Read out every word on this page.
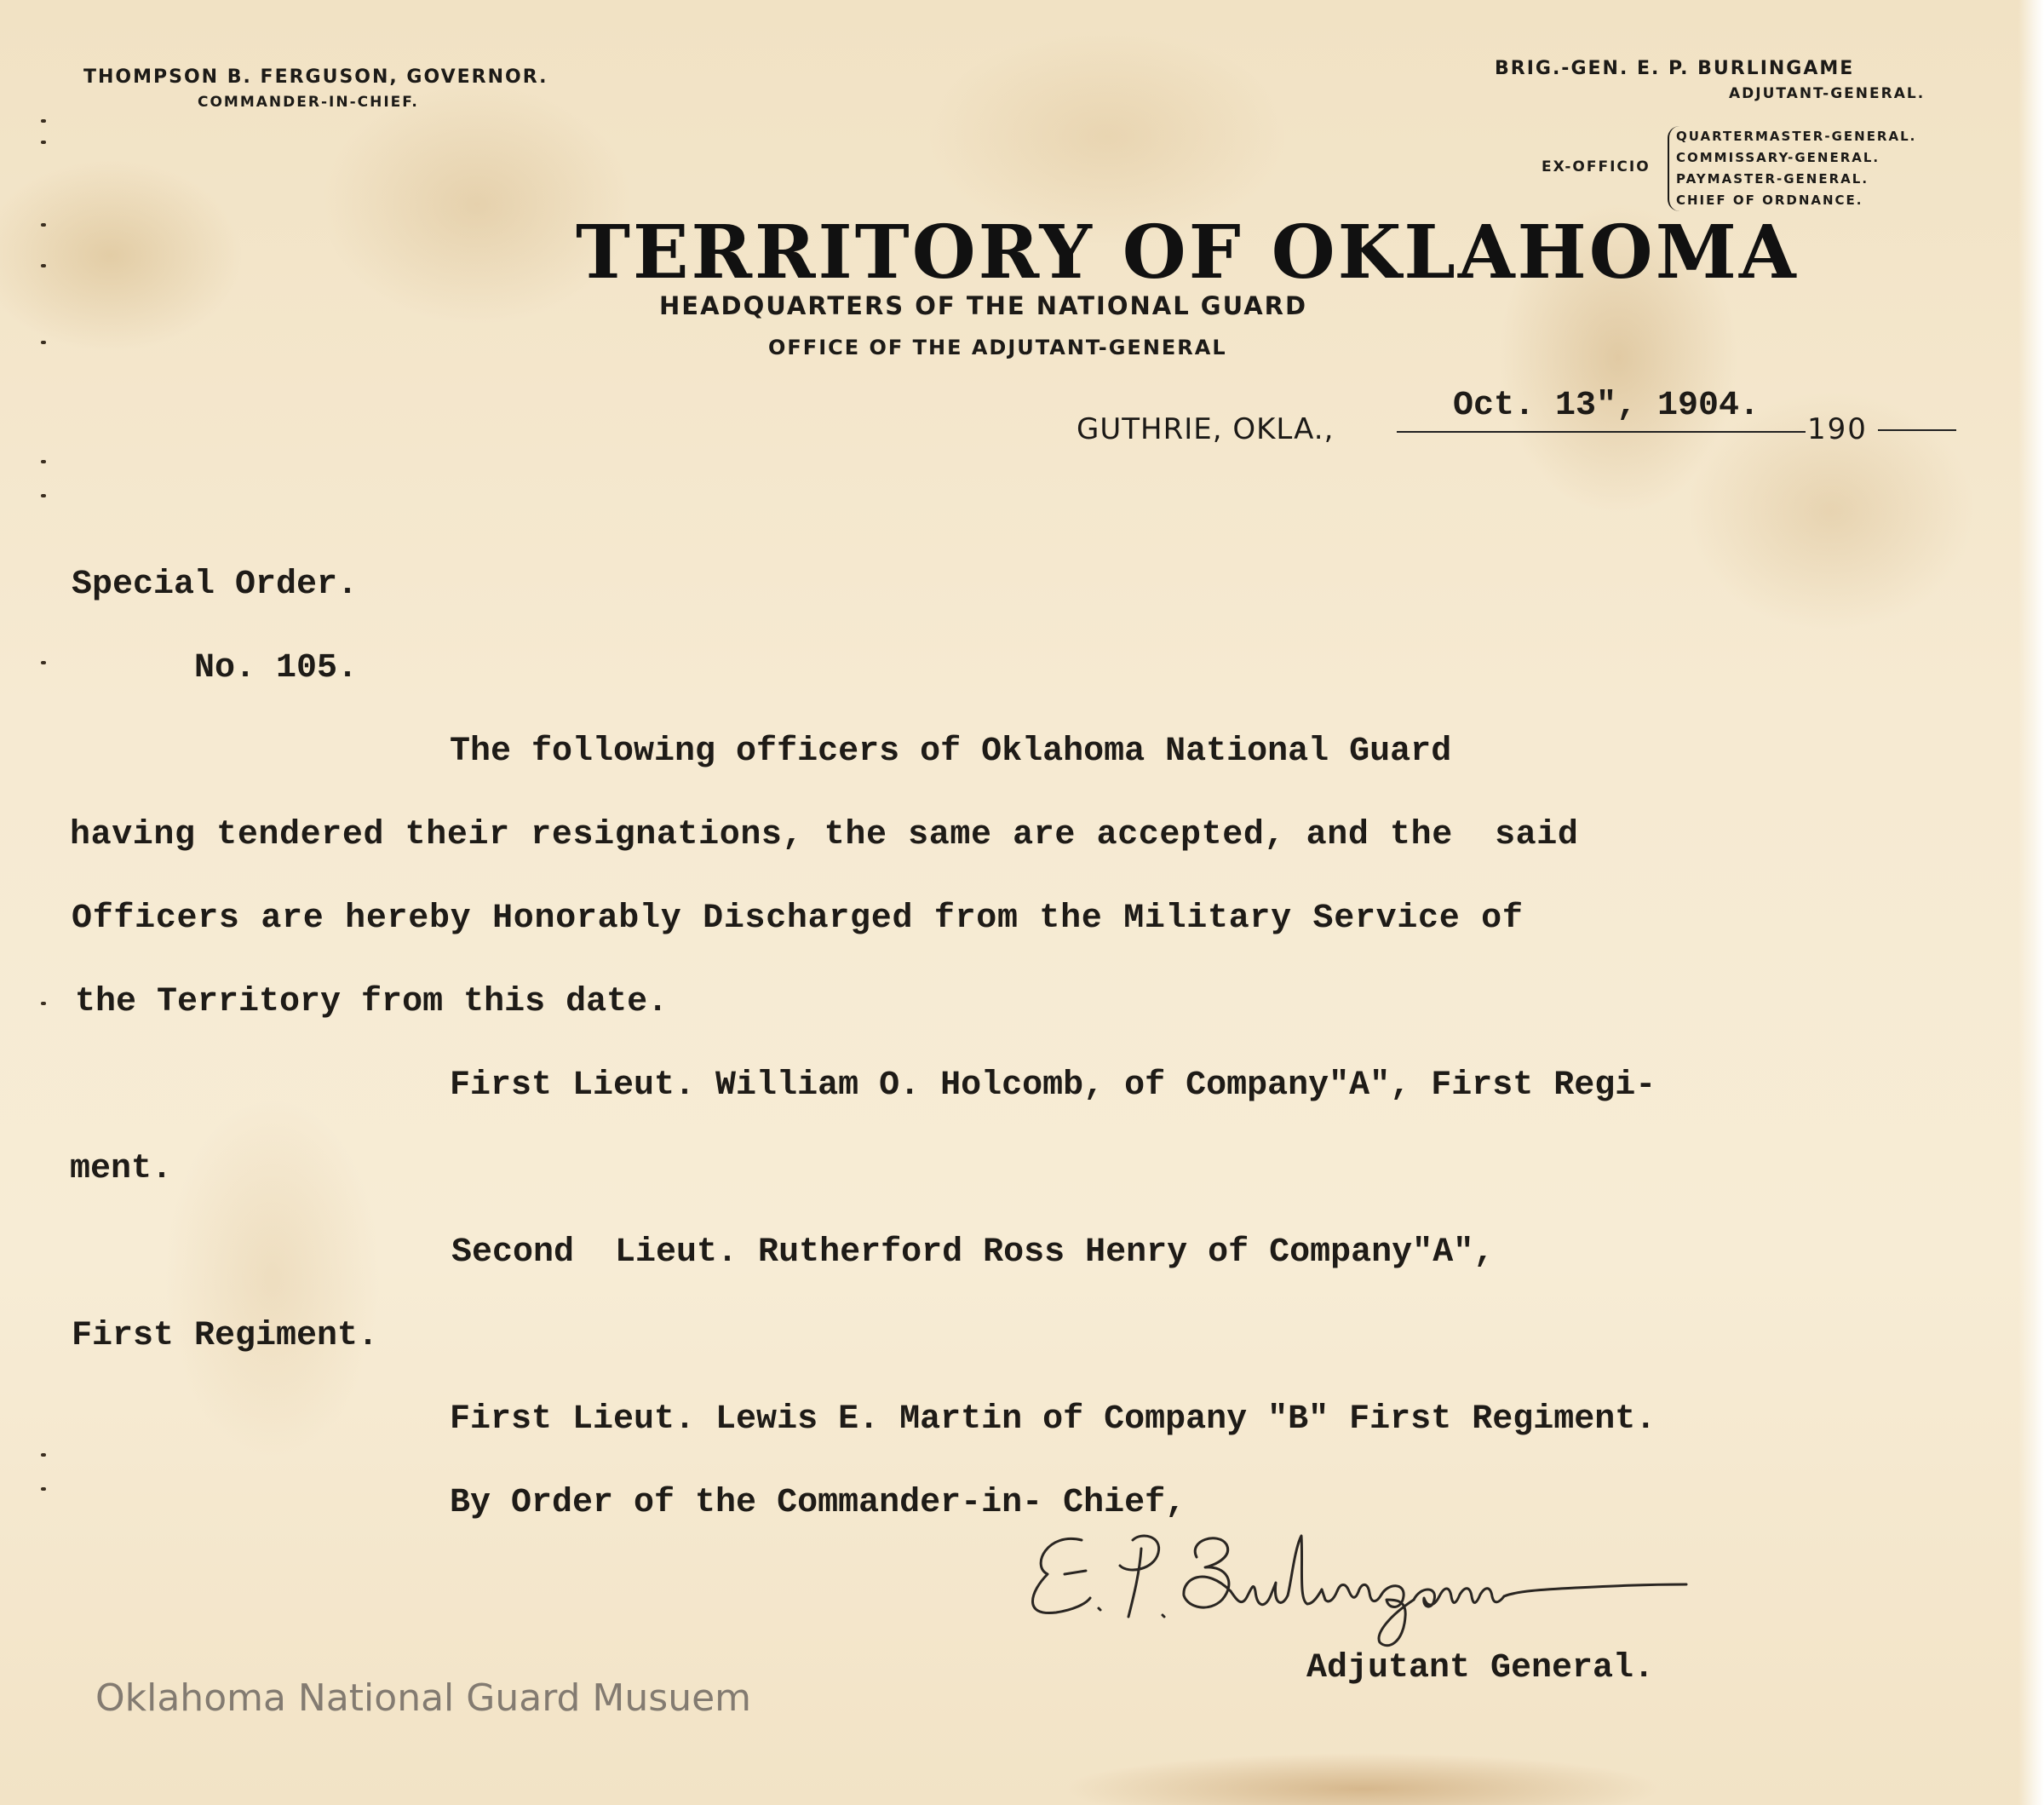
THOMPSON B. FERGUSON, GOVERNOR.
COMMANDER-IN-CHIEF.
BRIG.-GEN. E. P. BURLINGAME
ADJUTANT-GENERAL.
EX-OFFICIO
QUARTERMASTER-GENERAL.
COMMISSARY-GENERAL.
PAYMASTER-GENERAL.
CHIEF OF ORDNANCE.
TERRITORY OF OKLAHOMA
HEADQUARTERS OF THE NATIONAL GUARD
OFFICE OF THE ADJUTANT-GENERAL
GUTHRIE, OKLA.,
Oct. 13", 1904.
190
Special Order.
No. 105.
The following officers of Oklahoma National Guard
having tendered their resignations, the same are accepted, and the  said
Officers are hereby Honorably Discharged from the Military Service of
the Territory from this date.
First Lieut. William O. Holcomb, of Company"A", First Regi-
ment.
Second  Lieut. Rutherford Ross Henry of Company"A",
First Regiment.
First Lieut. Lewis E. Martin of Company "B" First Regiment.
By Order of the Commander-in- Chief,
Adjutant General.
Oklahoma National Guard Musuem
